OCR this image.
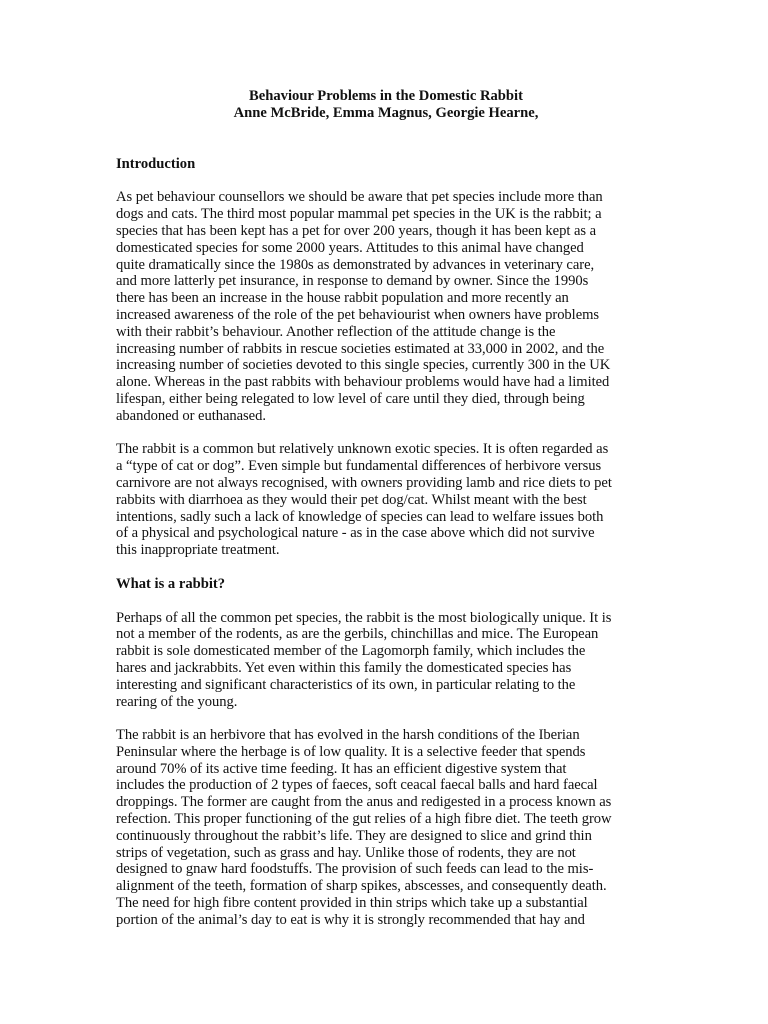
Behaviour Problems in the Domestic Rabbit
Anne McBride, Emma Magnus, Georgie Hearne,
Introduction

As pet behaviour counsellors we should be aware that pet species include more than
dogs and cats. The third most popular mammal pet species in the UK is the rabbit; a
species that has been kept has a pet for over 200 years, though it has been kept as a
domesticated species for some 2000 years. Attitudes to this animal have changed
quite dramatically since the 1980s as demonstrated by advances in veterinary care,
and more latterly pet insurance, in response to demand by owner. Since the 1990s
there has been an increase in the house rabbit population and more recently an
increased awareness of the role of the pet behaviourist when owners have problems
with their rabbit’s behaviour. Another reflection of the attitude change is the
increasing number of rabbits in rescue societies estimated at 33,000 in 2002, and the
increasing number of societies devoted to this single species, currently 300 in the UK
alone. Whereas in the past rabbits with behaviour problems would have had a limited
lifespan, either being relegated to low level of care until they died, through being
abandoned or euthanased.

The rabbit is a common but relatively unknown exotic species. It is often regarded as
a “type of cat or dog”. Even simple but fundamental differences of herbivore versus
carnivore are not always recognised, with owners providing lamb and rice diets to pet
rabbits with diarrhoea as they would their pet dog/cat. Whilst meant with the best
intentions, sadly such a lack of knowledge of species can lead to welfare issues both
of a physical and psychological nature - as in the case above which did not survive
this inappropriate treatment.

What is a rabbit?

Perhaps of all the common pet species, the rabbit is the most biologically unique. It is
not a member of the rodents, as are the gerbils, chinchillas and mice. The European
rabbit is sole domesticated member of the Lagomorph family, which includes the
hares and jackrabbits. Yet even within this family the domesticated species has
interesting and significant characteristics of its own, in particular relating to the
rearing of the young.

The rabbit is an herbivore that has evolved in the harsh conditions of the Iberian
Peninsular where the herbage is of low quality. It is a selective feeder that spends
around 70% of its active time feeding. It has an efficient digestive system that
includes the production of 2 types of faeces, soft ceacal faecal balls and hard faecal
droppings. The former are caught from the anus and redigested in a process known as
refection. This proper functioning of the gut relies of a high fibre diet. The teeth grow
continuously throughout the rabbit’s life. They are designed to slice and grind thin
strips of vegetation, such as grass and hay. Unlike those of rodents, they are not
designed to gnaw hard foodstuffs. The provision of such feeds can lead to the mis-
alignment of the teeth, formation of sharp spikes, abscesses, and consequently death.
The need for high fibre content provided in thin strips which take up a substantial
portion of the animal’s day to eat is why it is strongly recommended that hay and
